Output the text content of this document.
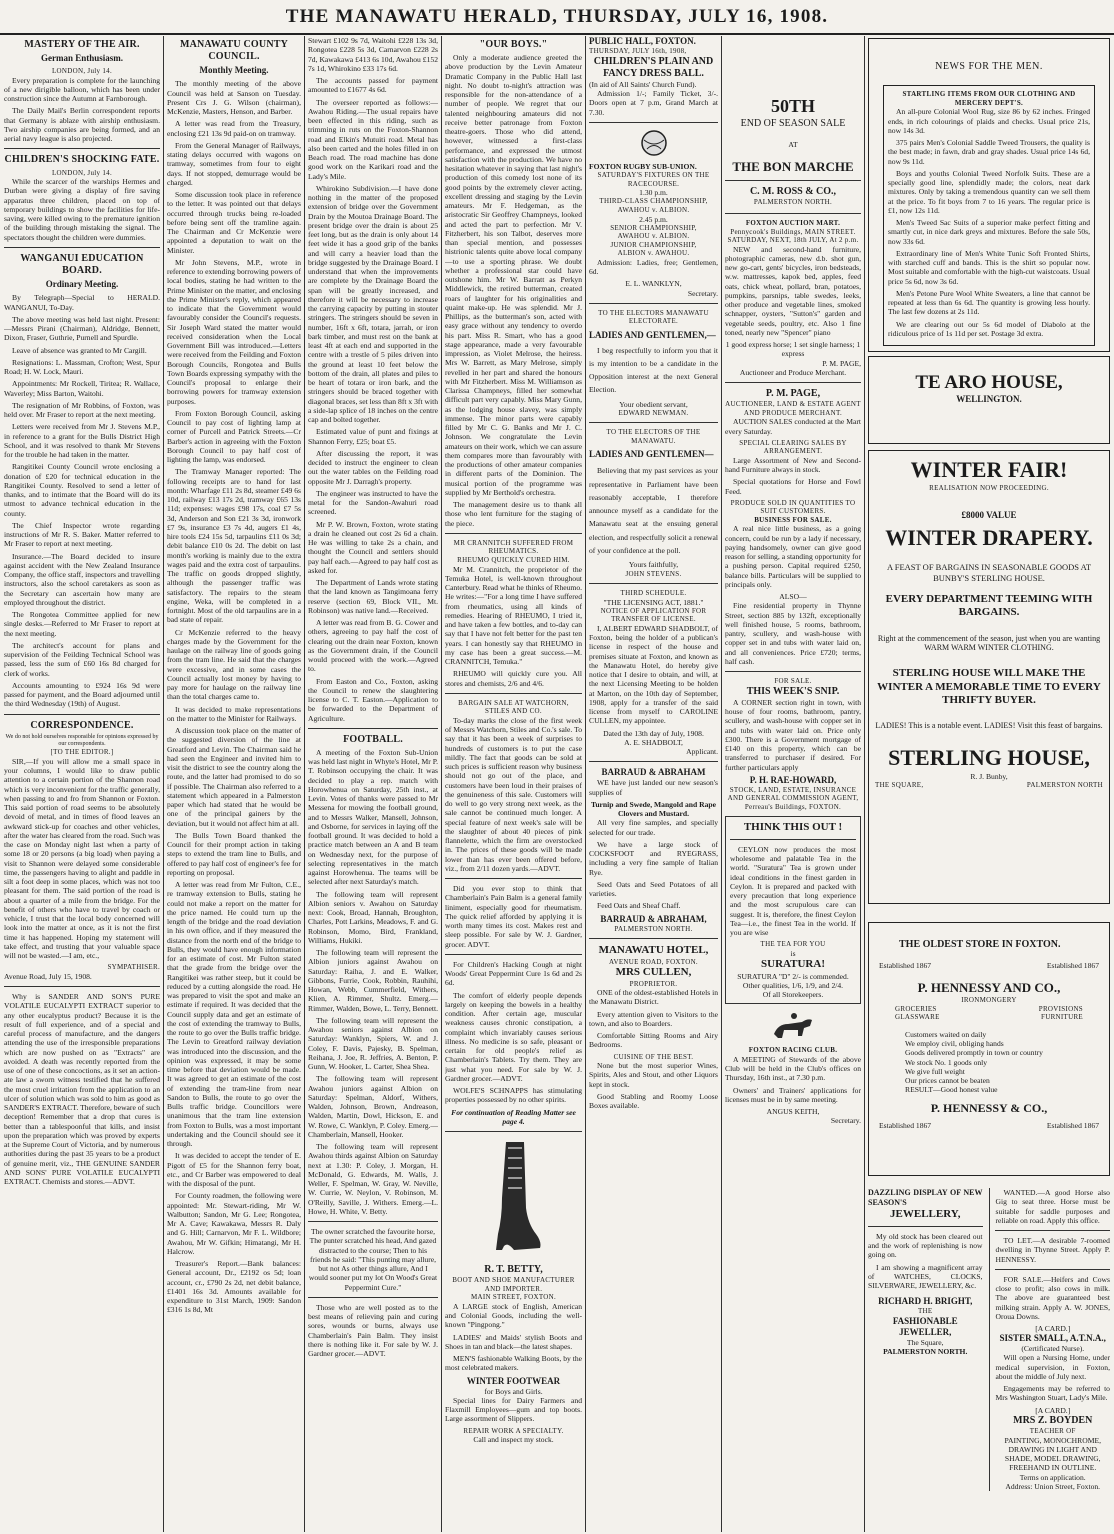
THE MANAWATU HERALD, THURSDAY, JULY 16, 1908.
MASTERY OF THE AIR.
German Enthusiasm.
LONDON, July 14.

Every preparation is complete for the launching of a new dirigible balloon, which has been under construction since the Autumn at Farnborough.

The Daily Mail's Berlin correspondent reports that Germany is ablaze with airship enthusiasm. Two airship companies are being formed, and an aerial navy league is also projected.

CHILDREN'S SHOCKING FATE.
LONDON, July 14.

While the scarcer of the warships Hermes and Durban were giving a display of fire saving apparatus three children, placed on top of temporary buildings to show the facilities for life-saving, were killed owing to the premature ignition of the building through mistaking the signal. The spectators thought the children were dummies.

WANGANUI EDUCATION BOARD.
Ordinary Meeting.

By Telegraph—Special to HERALD. WANGANUI, To-Day.

The above meeting was held last night. Present:—Messrs Pirani (Chairman), Aldridge, Bennett, Dixon, Fraser, Guthrie, Purnell and Spurdle.

Leave of absence was granted to Mr Cargill.

Resignations: L. Massman, Crofton; West, Spur Road; H. W. Lock, Mauri.

Appointments: Mr Rockell, Tiritea; R. Wallace, Waverley; Miss Barton, Waitohi.

The resignation of Mr Robbins, of Foxton, was held over. Mr Fraser to report at the next meeting.

Letters were received from Mr J. Stevens M.P., in reference to a grant for the Bulls District High School, and it was resolved to thank Mr Stevens for the trouble he had taken in the matter.

Rangitikei County Council wrote enclosing a donation of £20 for technical education in the Rangitikei County. Resolved to send a letter of thanks, and to intimate that the Board will do its utmost to advance technical education in the county.

The Chief Inspector wrote regarding instructions of Mr R. S. Baker. Matter referred to Mr Fraser to report at next meeting.

Insurance.—The Board decided to insure against accident with the New Zealand Insurance Company, the office staff, inspectors and travelling instructors, also the school caretakers as soon as the Secretary can ascertain how many are employed throughout the district.

The Rongotea Committee applied for new single desks.—Referred to Mr Fraser to report at the next meeting.

The architect's account for plans and supervision of the Feilding Technical School was passed, less the sum of £60 16s 8d charged for clerk of works.

Accounts amounting to £924 16s 9d were passed for payment, and the Board adjourned until the third Wednesday (19th) of August.

CORRESPONDENCE.
We do not hold ourselves responsible for opinions expressed by our correspondents.
[TO THE EDITOR.]

SIR,—If you will allow me a small space in your columns, I would like to draw public attention to a certain portion of the Shannon road which is very inconvenient for the traffic generally, when passing to and fro from Shannon or Foxton. This said portion of road seems to be absolutely devoid of metal, and in times of flood leaves an awkward stick-up for coaches and other vehicles, after the water has cleared from the road. Such was the case on Monday night last when a party of some 18 or 20 persons (a big load) when paying a visit to Shannon were delayed some considerable time, the passengers having to alight and paddle in silt a foot deep in some places, which was not too pleasant for them. The said portion of the road is about a quarter of a mile from the bridge. For the benefit of others who have to travel by coach or vehicle, I trust that the local body concerned will look into the matter at once, as it is not the first time it has happened. Hoping my statement will take effect, and trusting that your valuable space will not be wasted.—I am, etc.,

SYMPATHISER.
Avenue Road, July 15, 1908.

Why is SANDER AND SON'S PURE VOLATILE EUCALYPTI EXTRACT superior to any other eucalyptus product? Because it is the result of full experience, and of a special and careful process of manufacture, and the dangers attending the use of the irresponsible preparations which are now pushed on as "Extracts" are avoided. A death was recently reported from the use of one of these concoctions, as it set an action-ate law a sworn witness testified that he suffered the most cruel irritation from the application to an ulcer of solution which was sold to him as good as SANDER'S EXTRACT. Therefore, beware of such deception! Remember that a drop that cures is better than a tablespoonful that kills, and insist upon the preparation which was proved by experts at the Supreme Court of Victoria, and by numerous authorities during the past 35 years to be a product of genuine merit, viz., THE GENUINE SANDER AND SONS' PURE VOLATILE EUCALYPTI EXTRACT. Chemists and stores.—ADVT.

MANAWATU COUNTY COUNCIL.
Monthly Meeting.

The monthly meeting of the above Council was held at Sanson on Tuesday. Present Crs J. G. Wilson (chairman), McKenzie, Masters, Henson, and Barber.

A letter was read from the Treasury, enclosing £21 13s 9d paid-on on tramway.

From the General Manager of Railways, stating delays occurred with wagons on tramway, sometimes from four to eight days. If not stopped, demurrage would be charged.

Some discussion took place in reference to the letter. It was pointed out that delays occurred through trucks being re-loaded before being sent off the tramline again. The Chairman and Cr McKenzie were appointed a deputation to wait on the Minister.

Mr John Stevens, M.P., wrote in reference to extending borrowing powers of local bodies, stating he had written to the Prime Minister on the matter, and enclosing the Prime Minister's reply, which appeared to indicate that the Government would favourably consider the Council's requests. Sir Joseph Ward stated the matter would received consideration when the Local Government Bill was introduced.—Letters were received from the Feilding and Foxton Borough Councils, Rongotea and Bulls Town Boards expressing sympathy with the Council's proposal to enlarge their borrowing powers for tramway extension purposes.

From Foxton Borough Council, asking Council to pay cost of lighting lamp at corner of Purcell and Patrick Streets.—Cr Barber's action in agreeing with the Foxton Borough Council to pay half cost of lighting the lamp, was endorsed.

The Tramway Manager reported: The following receipts are to hand for last month: Wharfage £11 2s 8d, steamer £49 6s 10d, railway £13 17s 2d, tramway £65 13s 11d; expenses: wages £98 17s, coal £7 5s 3d, Anderson and Son £21 3s 3d, ironwork £7 9s, insurance £3 7s 4d, augers £1 4s, hire tools £24 15s 5d, tarpaulins £11 0s 3d; debit balance £10 0s 2d. The debit on last month's working is mainly due to the extra wages paid and the extra cost of tarpaulins. The traffic on goods dropped slightly, although the passenger traffic was satisfactory. The repairs to the steam engine, Weka, will be completed in a fortnight. Most of the old tarpaulins are in a bad state of repair.

Cr McKenzie referred to the heavy charges made by the Government for the haulage on the railway line of goods going from the tram line. He said that the charges were excessive, and in some cases the Council actually lost money by having to pay more for haulage on the railway line than the total charges came to.

It was decided to make representations on the matter to the Minister for Railways.

A discussion took place on the matter of the suggested diversion of the line at Greatford and Levin. The Chairman said he had seen the Engineer and invited him to visit the district to see the country along the route, and the latter had promised to do so if possible. The Chairman also referred to a statement which appeared in a Palmerston paper which had stated that he would be one of the principal gainers by the deviation, but it would not affect him at all.

The Bulls Town Board thanked the Council for their prompt action in taking steps to extend the tram line to Bulls, and offered to pay half cost of engineer's fee for reporting on proposal.

A letter was read from Mr Fulton, C.E., re tramway extension to Bulls, stating he could not make a report on the matter for the price named. He could turn up the length of the bridge and the road deviation in his own office, and if they measured the distance from the north end of the bridge to Bulls, they would have enough information for an estimate of cost. Mr Fulton stated that the grade from the bridge over the Rangitikei was rather steep, but it could be reduced by a cutting alongside the road. He was prepared to visit the spot and make an estimate if required. It was decided that the Council supply data and get an estimate of the cost of extending the tramway to Bulls, the route to go over the Bulls traffic bridge. The Levin to Greatford railway deviation was introduced into the discussion, and the opinion was expressed, it may be some time before that deviation would be made. It was agreed to get an estimate of the cost of extending the tram-line from near Sandon to Bulls, the route to go over the Bulls traffic bridge. Councillors were unanimous that the tram line extension from Foxton to Bulls, was a most important undertaking and the Council should see it through.

It was decided to accept the tender of E. Pigott of £5 for the Shannon ferry boat, etc., and Cr Barber was empowered to deal with the disposal of the punt.

For County roadmen, the following were appointed: Mr. Stewart-riding, Mr W. Walbutton; Sandon, Mr G. Lee; Rongotea, Mr A. Cave; Kawakawa, Messrs R. Daly and G. Hill; Carnarvon, Mr F. L. Wildbore; Awahou, Mr W. Gifkin; Himatangi, Mr H. Halcrow.

Treasurer's Report.—Bank balances: General account, Dr., £2192 os 5d; loan account, cr., £790 2s 2d, net debit balance, £1401 16s 3d. Amounts available for expenditure to 31st March, 1909: Sandon £316 1s 8d, Mt

Stewart £102 9s 7d, Waitohi £228 13s 3d, Rongotea £228 5s 3d, Carnarvon £228 2s 7d, Kawakawa £413 6s 10d, Awahou £152 7s 1d, Whirokino £33 17s 6d.

The accounts passed for payment amounted to £1677 4s 6d.

The overseer reported as follows:—Awahou Riding.—The usual repairs have been effected in this riding, such as trimming in ruts on the Foxton-Shannon road and Elkin's Mutuiti road. Metal has also been carted and the holes filled in on Beach road. The road machine has done good work on the Karikari road and the Lady's Mile.

Whirokino Subdivision.—I have done nothing in the matter of the proposed extension of bridge over the Government Drain by the Moutoa Drainage Board. The present bridge over the drain is about 25 feet long, but as the drain is only about 14 feet wide it has a good grip of the banks and will carry a heavier load than the bridge suggested by the Drainage Board. I understand that when the improvements are complete by the Drainage Board the span will be greatly increased, and therefore it will be necessary to increase the carrying capacity by putting in stouter stringers. The stringers should be seven in number, 16ft x 6ft, totara, jarrah, or iron bark timber, and must rest on the bank at least 4ft at each end and supported in the centre with a trestle of 5 piles driven into the ground at least 10 feet below the bottom of the drain, all plates and piles to be heart of totara or iron bark, and the stringers should be braced together with diagonal braces, set less than 8ft x 3ft with a side-lap splice of 18 inches on the centre cap and bolted together.

Estimated value of punt and fixings at Shannon Ferry, £25; boat £5.

After discussing the report, it was decided to instruct the engineer to clean out the water tables on the Feilding road opposite Mr J. Darragh's property.

The engineer was instructed to have the metal for the Sandon-Awahuri road screened.

Mr P. W. Brown, Foxton, wrote stating a drain he cleaned out cost 2s 6d a chain. He was willing to take 2s a chain, and thought the Council and settlers should pay half each.—Agreed to pay half cost as asked for.

The Department of Lands wrote stating that the land known as Tangimoana ferry reserve (section 69, Block VII., Mt. Robinson) was native land.—Received.

A letter was read from B. G. Cower and others, agreeing to pay half the cost of clearing out the drain near Foxton, known as the Government drain, if the Council would proceed with the work.—Agreed to.

From Easton and Co., Foxton, asking the Council to renew the slaughtering license to C. T. Easton.—Application to be forwarded to the Department of Agriculture.

FOOTBALL.

A meeting of the Foxton Sub-Union was held last night in Whyte's Hotel, Mr P. T. Robinson occupying the chair. It was decided to play a rep. match with Horowhenua on Saturday, 25th inst., at Levin. Votes of thanks were passed to Mr Messena for mowing the football ground, and to Messrs Walker, Mansell, Johnson, and Osborne, for services in laying off the football ground. It was decided to hold a practice match between an A and B team on Wednesday next, for the purpose of selecting representatives in the match against Horowhenua. The teams will be selected after next Saturday's match.

The following team will represent Albion seniors v. Awahou on Saturday next: Cook, Broad, Hannah, Broughton, Charles, Pott Larkins, Meadows, F. and G. Robinson, Momo, Bird, Frankland, Williams, Hukiki.

The following team will represent the Albion juniors against Awahou on Saturday: Raiha, J. and E. Walker, Gibbons, Furrie, Cook, Robbin, Rauhihi, Howan, Webb, Cummerfield, Withers, Klien, A. Rimmer, Shultz. Emerg.—Rimmer, Walden, Bowe, L. Terry, Bennett.

The following team will represent the Awahou seniors against Albion on Saturday: Wanklyn, Spiers, W. and J. Coley, F. Davis, Pajesky, B. Spelman, Reihana, J. Joe, R. Jeffries, A. Benton, P. Gunn, W. Hooker, L. Carter, Shea Shea.

The following team will represent Awahou juniors against Albion on Saturday: Spelman, Aldorf, Withers, Walden, Johnson, Brown, Andreason, Walden, Martin, Dowl, Hickson, E. and W. Rowe, C. Wanklyn, P. Coley. Emerg.— Chamberlain, Mansell, Hooker.

The following team will represent Awahou thirds against Albion on Saturday next at 1.30: P. Coley, J. Morgan, H. McDonald, G. Edwards, M. Walls, J. Weller, F. Spelman, W. Gray, W. Neville, W. Currie, W. Neylon, V. Robinson, M. O'Reilly, Saville, J. Withers. Emerg.—L. Howe, H. White, V. Betty.

The owner scratched the favourite horse, The punter scratched his head, And gazed distracted to the course; Then to his friends he said: "This punting may allure, but not As other things allure, And I would sooner put my lot On Wood's Great Peppermint Cure."

Those who are well posted as to the best means of relieving pain and curing sores, wounds or burns, always use Chamberlain's Pain Balm. They insist there is nothing like it. For sale by W. J. Gardner grocer.—ADVT.

"OUR BOYS."

Only a moderate audience greeted the above production by the Levin Amateur Dramatic Company in the Public Hall last night. No doubt to-night's attraction was responsible for the non-attendance of a number of people. We regret that our talented neighbouring amateurs did not receive better patronage from Foxton theatre-goers. Those who did attend, however, witnessed a first-class performance, and expressed the utmost satisfaction with the production. We have no hesitation whatever in saying that last night's production of this comedy lost none of its good points by the extremely clever acting, excellent dressing and staging by the Levin amateurs. Mr F. Hedgeman, as the aristocratic Sir Geoffrey Champneys, looked and acted the part to perfection. Mr V. Fitzherbert, his son Talbot, deserves more than special mention, and possesses histrionic talents quite above local company—to use a sporting phrase. We doubt whether a professional star could have outshone him. Mr W. Barratt as Perkyn Middlewick, the retired butterman, created roars of laughter for his originalities and quaint make-up. He was splendid. Mr J. Phillips, as the butterman's son, acted with easy grace without any tendency to overdo his part. Miss R. Smart, who has a good stage appearance, made a very favourable impression, as Violet Melrose, the heiress. Mrs W. Barrett, as Mary Melrose, simply revelled in her part and shared the honours with Mr Fitzherbert. Miss M. Williamson as Clarissa Champneys, filled her somewhat difficult part very capably. Miss Mary Gunn, as the lodging house slavey, was simply immense. The minor parts were capably filled by Mr C. G. Banks and Mr J. C. Johnson. We congratulate the Levin amateurs on their work, which we can assure them compares more than favourably with the productions of other amateur companies in different parts of the Dominion. The musical portion of the programme was supplied by Mr Berthold's orchestra.

The management desire us to thank all those who lent furniture for the staging of the piece.

MR CRANNITCH SUFFERED FROM RHEUMATICS.
RHEUMO QUICKLY CURED HIM.

Mr M. Crannitch, the proprietor of the Temuka Hotel, is well-known throughout Canterbury. Read what he thinks of Rheumo. He writes:—"For a long time I have suffered from rheumatics, using all kinds of remedies. Hearing of RHEUMO, I tried it, and have taken a few bottles, and to-day can say that I have not felt better for the past ten years. I can honestly say that RHEUMO in my case has been a great success.—M. CRANNITCH, Temuka."

RHEUMO will quickly cure you. All stores and chemists, 2/6 and 4/6.

BARGAIN SALE AT WATCHORN, STILES AND CO.

To-day marks the close of the first week of Messrs Watchorn, Stiles and Co.'s sale. To say that it has been a week of surprises to hundreds of customers is to put the case mildly. The fact that goods can be sold at such prices is sufficient reason why business should not go out of the place, and customers have been loud in their praises of the genuineness of this sale. Customers will do well to go very strong next week, as the sale cannot be continued much longer. A special feature of next week's sale will be the slaughter of about 40 pieces of pink flannelette, which the firm are overstocked in. The prices of these goods will be made lower than has ever been offered before, viz., from 2/11 dozen yards.—ADVT.

Did you ever stop to think that Chamberlain's Pain Balm is a general family liniment, especially good for rheumatism. The quick relief afforded by applying it is worth many times its cost. Makes rest and sleep possible. For sale by W. J. Gardner, grocer. ADVT.

For Children's Hacking Cough at night Woods' Great Peppermint Cure 1s 6d and 2s 6d.

The comfort of elderly people depends largely on keeping the bowels in a healthy condition. After certain age, muscular weakness causes chronic constipation, a complaint which invariably causes serious illness. No medicine is so safe, pleasant or certain for old people's relief as Chamberlain's Tablets. Try them. They are just what you need. For sale by W. J. Gardner grocer.—ADVT.

WOLFE'S SCHNAPPS has stimulating properties possessed by no other spirits.

For continuation of Reading Matter see page 4.
R. T. BETTY,
BOOT AND SHOE MANUFACTURER AND IMPORTER.
MAIN STREET, FOXTON.

A LARGE stock of English, American and Colonial Goods, including the well-known "Pingpong."

LADIES' and Maids' stylish Boots and Shoes in tan and black—the latest shapes.

MEN'S fashionable Walking Boots, by the most celebrated makers.

WINTER FOOTWEAR
for Boys and Girls.

Special lines for Dairy Farmers and Flaxmill Employees—gum and top boots. Large assortment of Slippers.

REPAIR WORK A SPECIALTY.
Call and inspect my stock.
PUBLIC HALL, FOXTON.
THURSDAY, JULY 16th, 1908,
CHILDREN'S PLAIN AND FANCY DRESS BALL.
(In aid of All Saints' Church Fund).

Admission 1/-; Family Ticket, 3/-. Doors open at 7 p.m, Grand March at 7.30.

FOXTON RUGBY SUB-UNION.
SATURDAY'S FIXTURES ON THE RACECOURSE.
1.30 p.m.
THIRD-CLASS CHAMPIONSHIP,
AWAHOU v. ALBION.
2.45 p.m.
SENIOR CHAMPIONSHIP,
AWAHOU v. ALBION.
JUNIOR CHAMPIONSHIP,
ALBION v. AWAHOU.

Admission: Ladies, free; Gentlemen, 6d.

E. L. WANKLYN,
Secretary.
TO THE ELECTORS MANAWATU ELECTORATE.
LADIES AND GENTLEMEN,—

I beg respectfully to inform you that it is my intention to be a candidate in the Opposition interest at the next General Election.

Your obedient servant,
EDWARD NEWMAN.
TO THE ELECTORS OF THE MANAWATU.
LADIES AND GENTLEMEN—

Believing that my past services as your representative in Parliament have been reasonably acceptable, I therefore announce myself as a candidate for the Manawatu seat at the ensuing general election, and respectfully solicit a renewal of your confidence at the poll.

Yours faithfully,
JOHN STEVENS.
THIRD SCHEDULE.
"THE LICENSING ACT, 1881."
NOTICE OF APPLICATION FOR TRANSFER OF LICENSE.

I, ALBERT EDWARD SHADBOLT, of Foxton, being the holder of a publican's license in respect of the house and premises situate at Foxton, and known as the Manawatu Hotel, do hereby give notice that I desire to obtain, and will, at the next Licensing Meeting to be holden at Marton, on the 10th day of September, 1908, apply for a transfer of the said license from myself to CAROLINE CULLEN, my appointee.

Dated the 13th day of July, 1908.
A. E. SHADBOLT,
Applicant.
BARRAUD & ABRAHAM

WE have just landed our new season's supplies of

Turnip and Swede, Mangold and Rape Clovers and Mustard.

All very fine samples, and specially selected for our trade.

We have a large stock of COCKSFOOT and RYEGRASS, including a very fine sample of Italian Rye.

Seed Oats and Seed Potatoes of all varieties.

Feed Oats and Sheaf Chaff.

BARRAUD & ABRAHAM,
PALMERSTON NORTH.
MANAWATU HOTEL,
AVENUE ROAD, FOXTON.
MRS CULLEN,
PROPRIETOR.

ONE of the oldest-established Hotels in the Manawatu District.

Every attention given to Visitors to the town, and also to Boarders.

Comfortable Sitting Rooms and Airy Bedrooms.

CUISINE OF THE BEST.

None but the most superior Wines, Spirits, Ales and Stout, and other Liquors kept in stock.

Good Stabling and Roomy Loose Boxes available.

50TH
END OF SEASON SALE
AT
THE BON MARCHE
C. M. ROSS & CO.,
PALMERSTON NORTH.
FOXTON AUCTION MART.
Pennycook's Buildings, MAIN STREET.
SATURDAY, NEXT, 18th JULY, At 2 p.m.

NEW and second-hand furniture, photographic cameras, new d.b. shot gun, new go-cart, gents' bicycles, iron bedsteads, w.w. mattresses, kapok bed, apples, feed oats, chick wheat, pollard, bran, potatoes, pumpkins, parsnips, table swedes, leeks, other produce and vegetable lines, smoked schnapper, oysters, "Sutton's" garden and vegetable seeds, poultry, etc. Also 1 fine toned, nearly new "Spencer" piano

1 good express horse; 1 set single harness; 1 express
P. M. PAGE,
Auctioneer and Produce Merchant.
P. M. PAGE,
AUCTIONEER, LAND & ESTATE AGENT AND PRODUCE MERCHANT.

AUCTION SALES conducted at the Mart every Saturday.

SPECIAL CLEARING SALES BY ARRANGEMENT.

Large Assortment of New and Second-hand Furniture always in stock.

Special quotations for Horse and Fowl Feed.

PRODUCE SOLD IN QUANTITIES TO SUIT CUSTOMERS.
BUSINESS FOR SALE.

A real nice little business, as a going concern, could be run by a lady if necessary, paying handsomely, owner can give good reason for selling, a standing opportunity for a pushing person. Capital required £250, balance bills. Particulars will be supplied to principals only.

ALSO—

Fine residential property in Thynne Street, section 885 by 132ft, exceptionally well finished house, 5 rooms, bathroom, pantry, scullery, and wash-house with copper set in and tubs with water laid on, and all conveniences. Price £720; terms, half cash.

FOR SALE.
THIS WEEK'S SNIP.

A CORNER section right in town, with house of four rooms, bathroom, pantry, scullery, and wash-house with copper set in and tubs with water laid on. Price only £300. There is a Government mortgage of £140 on this property, which can be transferred to purchaser if desired. For further particulars apply

P. H. RAE-HOWARD,
STOCK, LAND, ESTATE, INSURANCE AND GENERAL COMMISSION AGENT,
Perreau's Buildings, FOXTON.
THINK THIS OUT !

CEYLON now produces the most wholesome and palatable Tea in the world. "Suratura" Tea is grown under ideal conditions in the finest garden in Ceylon. It is prepared and packed with every precaution that long experience and the most scrupulous care can suggest. It is, therefore, the finest Ceylon Tea—i.e., the finest Tea in the world. If you are wise

THE TEA FOR YOU
is
SURATURA!
SURATURA "D" 2/- is commended.
Other qualities, 1/6, 1/9, and 2/4.
Of all Storekeepers.
FOXTON RACING CLUB.

A MEETING of Stewards of the above Club will be held in the Club's offices on Thursday, 16th inst., at 7.30 p.m.

Owners' and Trainers' applications for licenses must be in by same meeting.

ANGUS KEITH,
Secretary.
NEWS FOR THE MEN.
STARTLING ITEMS FROM OUR CLOTHING AND MERCERY DEPT'S.

An all-pure Colonial Wool Rug, size 86 by 62 inches. Fringed ends, in rich colourings of plaids and checks. Usual price 21s, now 14s 3d.

375 pairs Men's Colonial Saddle Tweed Trousers, the quality is the best made; in fawn, drab and gray shades. Usual price 14s 6d, now 9s 11d.

Boys and youths Colonial Tweed Norfolk Suits. These are a specially good line, splendidly made; the colors, neat dark mixtures. Only by taking a tremendous quantity can we sell them at the price. To fit boys from 7 to 16 years. The regular price is £1, now 12s 11d.

Men's Tweed Sac Suits of a superior make perfect fitting and smartly cut, in nice dark greys and mixtures. Before the sale 50s, now 33s 6d.

Extraordinary line of Men's White Tunic Soft Fronted Shirts, with starched cuff and bands. This is the shirt so popular now. Most suitable and comfortable with the high-cut waistcoats. Usual price 5s 6d, now 3s 6d.

Men's Petone Pure Wool White Sweaters, a line that cannot be repeated at less than 6s 6d. The quantity is growing less hourly. The last few dozens at 2s 11d.

We are clearing out our 5s 6d model of Diabolo at the ridiculous price of 1s 11d per set. Postage 3d extra.

TE ARO HOUSE,
WELLINGTON.
WINTER FAIR!
REALISATION NOW PROCEEDING.
£8000 VALUE
WINTER DRAPERY.
A FEAST OF BARGAINS IN SEASONABLE GOODS AT BUNBY'S STERLING HOUSE.
EVERY DEPARTMENT TEEMING WITH BARGAINS.
Right at the commencement of the season, just when you are wanting WARM WARM WINTER CLOTHING.
STERLING HOUSE WILL MAKE THE WINTER A MEMORABLE TIME TO EVERY THRIFTY BUYER.
LADIES! This is a notable event. LADIES! Visit this feast of bargains.
STERLING HOUSE,
R. J. Bunby,
THE SQUARE,	PALMERSTON NORTH
THE OLDEST STORE IN FOXTON.
Established 1867	Established 1867
P. HENNESSY AND CO.,
IRONMONGERY
GROCERIES	PROVISIONS
GLASSWARE	FURNITURE
Customers waited on daily
We employ civil, obliging hands
Goods delivered promptly in town or country
We stock No. 1 goods only
We give full weight
Our prices cannot be beaten
RESULT—Good honest value
P. HENNESSY & CO.,
Established 1867	Established 1867
DAZZLING DISPLAY OF NEW SEASON'S
JEWELLERY,

My old stock has been cleared out and the work of replenishing is now going on.

I am showing a magnificent array of WATCHES, CLOCKS, SILVERWARE, JEWELLERY, &c.

RICHARD H. BRIGHT,
THE
FASHIONABLE JEWELLER,
The Square,
PALMERSTON NORTH.

WANTED.—A good Horse also Gig to seat three. Horse must be suitable for saddle purposes and reliable on road. Apply this office.

TO LET.—A desirable 7-roomed dwelling in Thynne Street. Apply P. HENNESSY.

FOR SALE.—Heifers and Cows close to profit; also cows in milk. The above are guaranteed best milking strain. Apply A. W. JONES, Oroua Downs.

[A CARD.]
SISTER SMALL, A.T.N.A.,
(Certificated Nurse).

Will open a Nursing Home, under medical supervision, in Foxton, about the middle of July next.

Engagements may be referred to Mrs Washington Stuart, Lady's Mile.

[A CARD.]
MRS Z. BOYDEN
TEACHER OF
PAINTING, MONOCHROME, DRAWING IN LIGHT AND SHADE, MODEL DRAWING, FREEHAND IN OUTLINE.
Terms on application.
Address: Union Street, Foxton.
